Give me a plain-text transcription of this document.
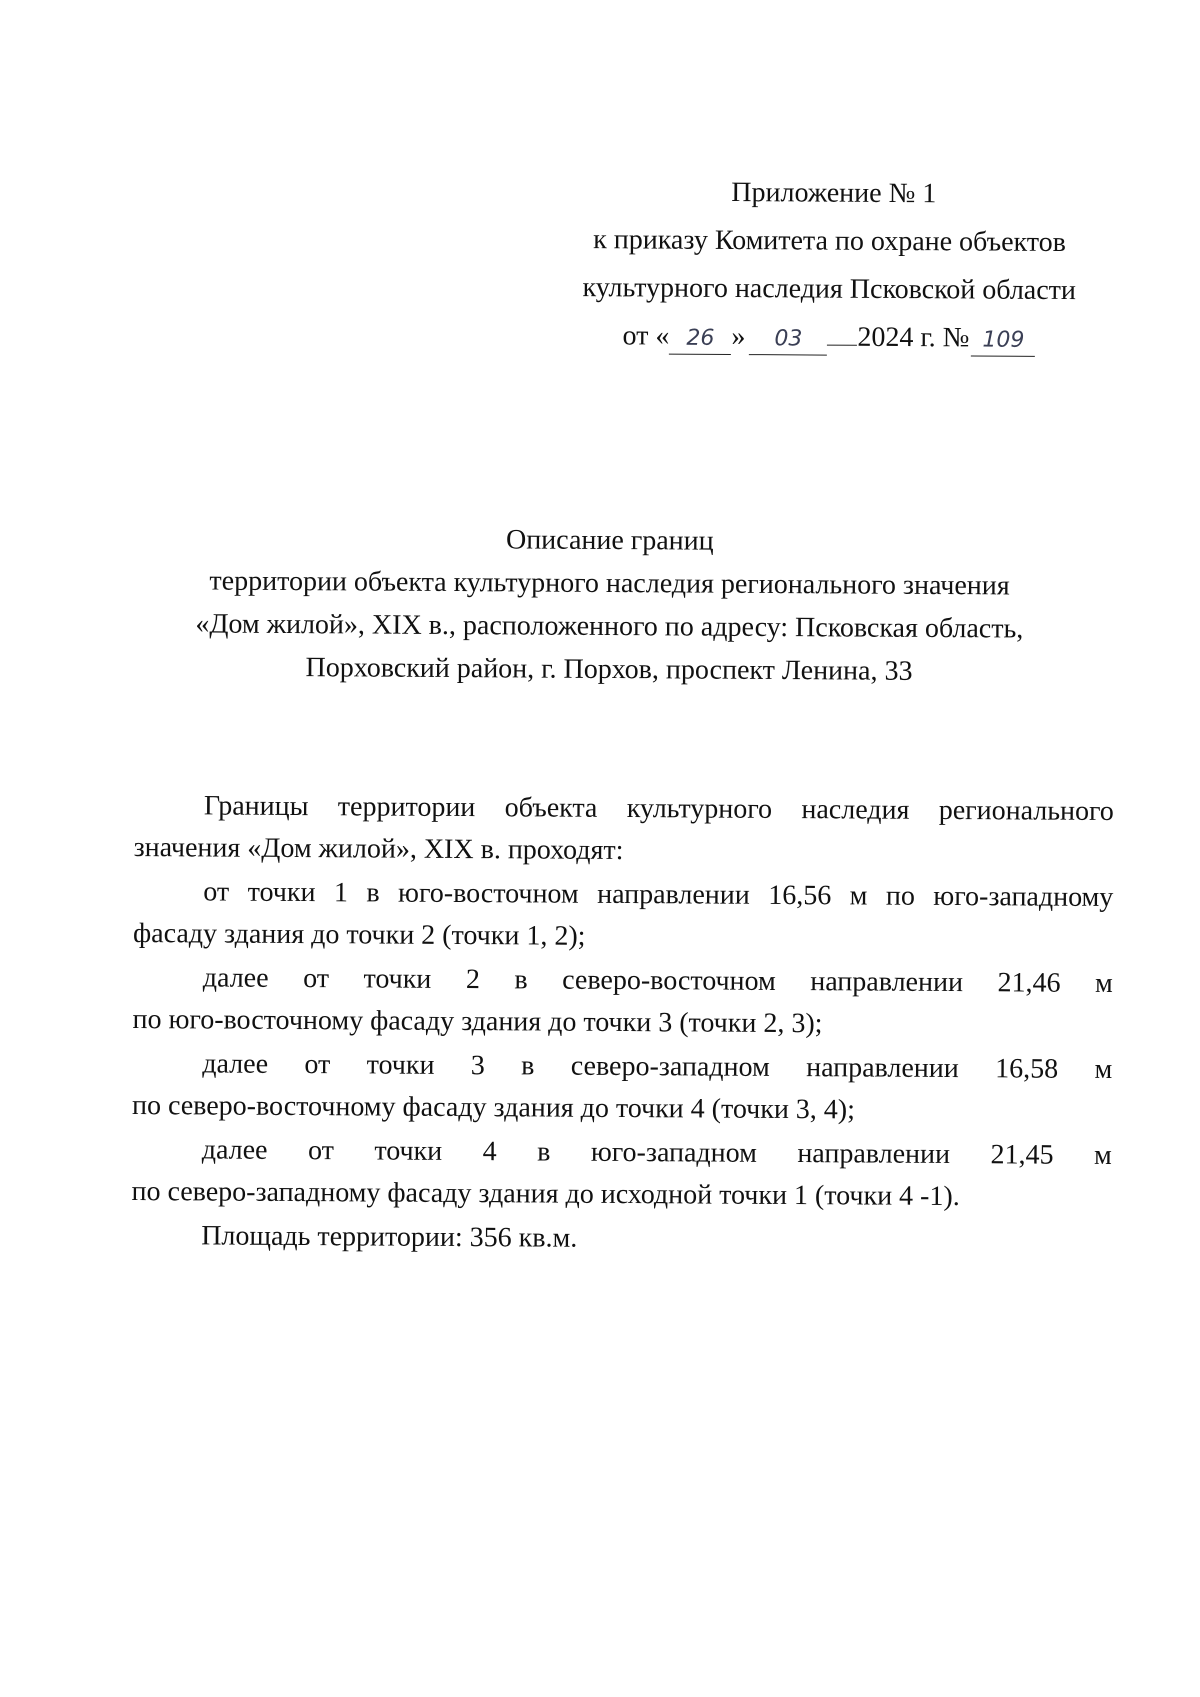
Приложение № 1
к приказу Комитета по охране объектов
культурного наследия Псковской области
от « 26 » 03 2024 г. № 109
Описание границ
территории объекта культурного наследия регионального значения
«Дом жилой», XIX в., расположенного по адресу: Псковская область,
Порховский район, г. Порхов, проспект Ленина, 33
Границы территории объекта культурного наследия регионального
значения «Дом жилой», XIX в. проходят:
от точки 1 в юго-восточном направлении 16,56 м по юго-западному
фасаду здания до точки 2 (точки 1, 2);
далее от точки 2 в северо-восточном направлении 21,46 м
по юго-восточному фасаду здания до точки 3 (точки 2, 3);
далее от точки 3 в северо-западном направлении 16,58 м
по северо-восточному фасаду здания до точки 4 (точки 3, 4);
далее от точки 4 в юго-западном направлении 21,45 м
по северо-западному фасаду здания до исходной точки 1 (точки 4 -1).
Площадь территории: 356 кв.м.
